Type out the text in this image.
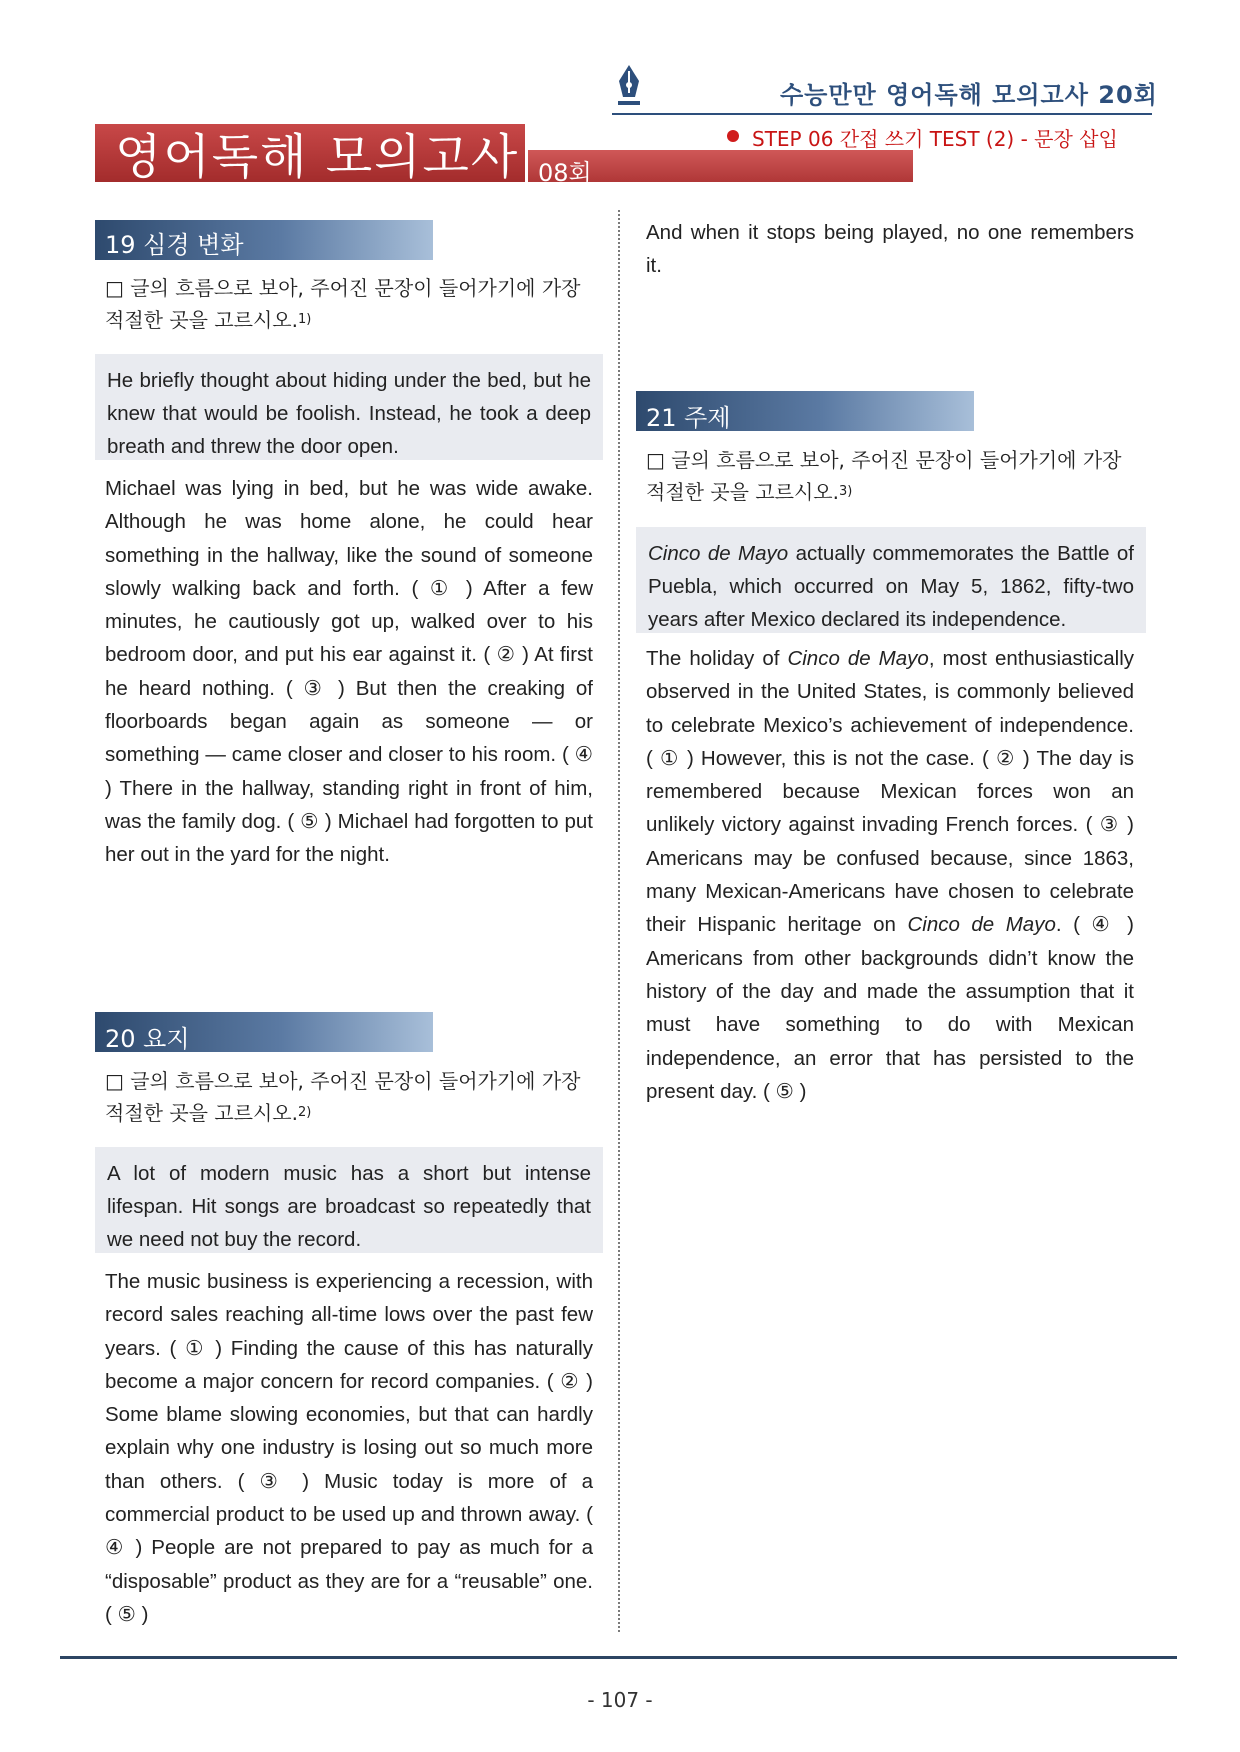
수능만만 영어독해 모의고사 20회
영어독해 모의고사 08회
STEP 06 간접 쓰기 TEST (2) - 문장 삽입
19 심경 변화
□ 글의 흐름으로 보아, 주어진 문장이 들어가기에 가장 적절한 곳을 고르시오.$^{1)}$
He briefly thought about hiding under the bed, but he knew that would be foolish. Instead, he took a deep breath and threw the door open.
Michael was lying in bed, but he was wide awake. Although he was home alone, he could hear something in the hallway, like the sound of someone slowly walking back and forth. ( ① ) After a few minutes, he cautiously got up, walked over to his bedroom door, and put his ear against it. ( ② ) At first he heard nothing. ( ③ ) But then the creaking of floorboards began again as someone — or something — came closer and closer to his room. ( ④ ) There in the hallway, standing right in front of him, was the family dog. ( ⑤ ) Michael had forgotten to put her out in the yard for the night.
20 요지
□ 글의 흐름으로 보아, 주어진 문장이 들어가기에 가장 적절한 곳을 고르시오.$^{2)}$
A lot of modern music has a short but intense lifespan. Hit songs are broadcast so repeatedly that we need not buy the record.
The music business is experiencing a recession, with record sales reaching all-time lows over the past few years. ( ① ) Finding the cause of this has naturally become a major concern for record companies. ( ② ) Some blame slowing economies, but that can hardly explain why one industry is losing out so much more than others. ( ③ ) Music today is more of a commercial product to be used up and thrown away. ( ④ ) People are not prepared to pay as much for a “disposable” product as they are for a “reusable” one. ( ⑤ )
And when it stops being played, no one remembers it.
21 주제
□ 글의 흐름으로 보아, 주어진 문장이 들어가기에 가장 적절한 곳을 고르시오.$^{3)}$
Cinco de Mayo actually commemorates the Battle of Puebla, which occurred on May 5, 1862, fifty-two years after Mexico declared its independence.
The holiday of Cinco de Mayo, most enthusiastically observed in the United States, is commonly believed to celebrate Mexico’s achievement of independence. ( ① ) However, this is not the case. ( ② ) The day is remembered because Mexican forces won an unlikely victory against invading French forces. ( ③ ) Americans may be confused because, since 1863, many Mexican-Americans have chosen to celebrate their Hispanic heritage on Cinco de Mayo. ( ④ ) Americans from other backgrounds didn’t know the history of the day and made the assumption that it must have something to do with Mexican independence, an error that has persisted to the present day. ( ⑤ )
- 107 -
